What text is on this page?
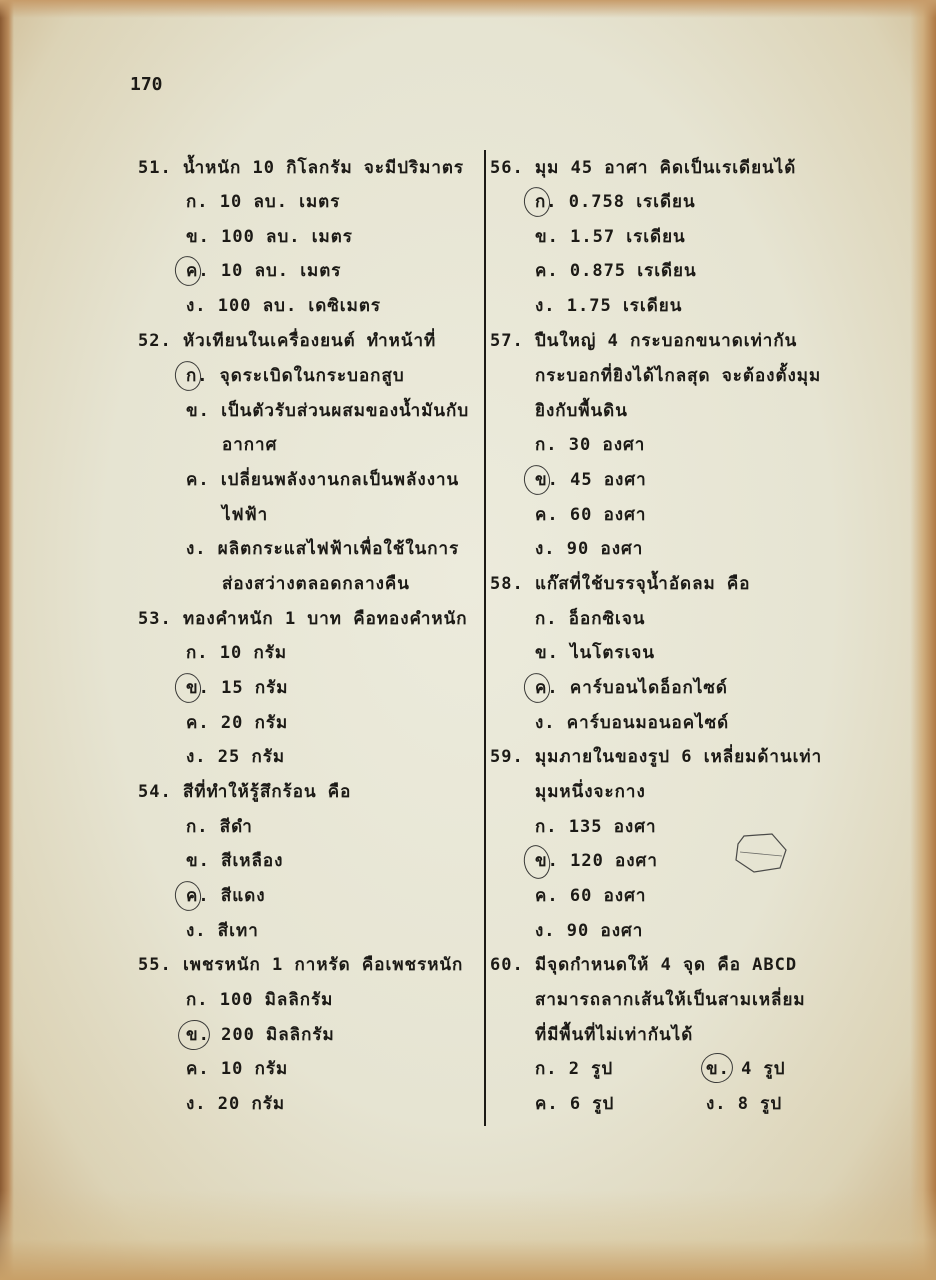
170
51. น้ำหนัก 10 กิโลกรัม จะมีปริมาตร
ก. 10 ลบ. เมตร
ข. 100 ลบ. เมตร
ค. 10 ลบ. เมตร
ง. 100 ลบ. เดซิเมตร
52. หัวเทียนในเครื่องยนต์ ทำหน้าที่
ก. จุดระเบิดในกระบอกสูบ
ข. เป็นตัวรับส่วนผสมของน้ำมันกับ
อากาศ
ค. เปลี่ยนพลังงานกลเป็นพลังงาน
ไฟฟ้า
ง. ผลิตกระแสไฟฟ้าเพื่อใช้ในการ
ส่องสว่างตลอดกลางคืน
53. ทองคำหนัก 1 บาท คือทองคำหนัก
ก. 10 กรัม
ข. 15 กรัม
ค. 20 กรัม
ง. 25 กรัม
54. สีที่ทำให้รู้สึกร้อน คือ
ก. สีดำ
ข. สีเหลือง
ค. สีแดง
ง. สีเทา
55. เพชรหนัก 1 กาหรัด คือเพชรหนัก
ก. 100 มิลลิกรัม
ข. 200 มิลลิกรัม
ค. 10 กรัม
ง. 20 กรัม
56. มุม 45 อาศา คิดเป็นเรเดียนได้
ก. 0.758 เรเดียน
ข. 1.57 เรเดียน
ค. 0.875 เรเดียน
ง. 1.75 เรเดียน
57. ปืนใหญ่ 4 กระบอกขนาดเท่ากัน
กระบอกที่ยิงได้ไกลสุด จะต้องตั้งมุม
ยิงกับพื้นดิน
ก. 30 องศา
ข. 45 องศา
ค. 60 องศา
ง. 90 องศา
58. แก๊สที่ใช้บรรจุน้ำอัดลม คือ
ก. อ็อกซิเจน
ข. ไนโตรเจน
ค. คาร์บอนไดอ็อกไซด์
ง. คาร์บอนมอนอคไซด์
59. มุมภายในของรูป 6 เหลี่ยมด้านเท่า
มุมหนึ่งจะกาง
ก. 135 องศา
ข. 120 องศา
ค. 60 องศา
ง. 90 องศา
60. มีจุดกำหนดให้ 4 จุด คือ ABCD
สามารถลากเส้นให้เป็นสามเหลี่ยม
ที่มีพื้นที่ไม่เท่ากันได้
ก. 2 รูป	ข. 4 รูป
ค. 6 รูป	ง. 8 รูป
